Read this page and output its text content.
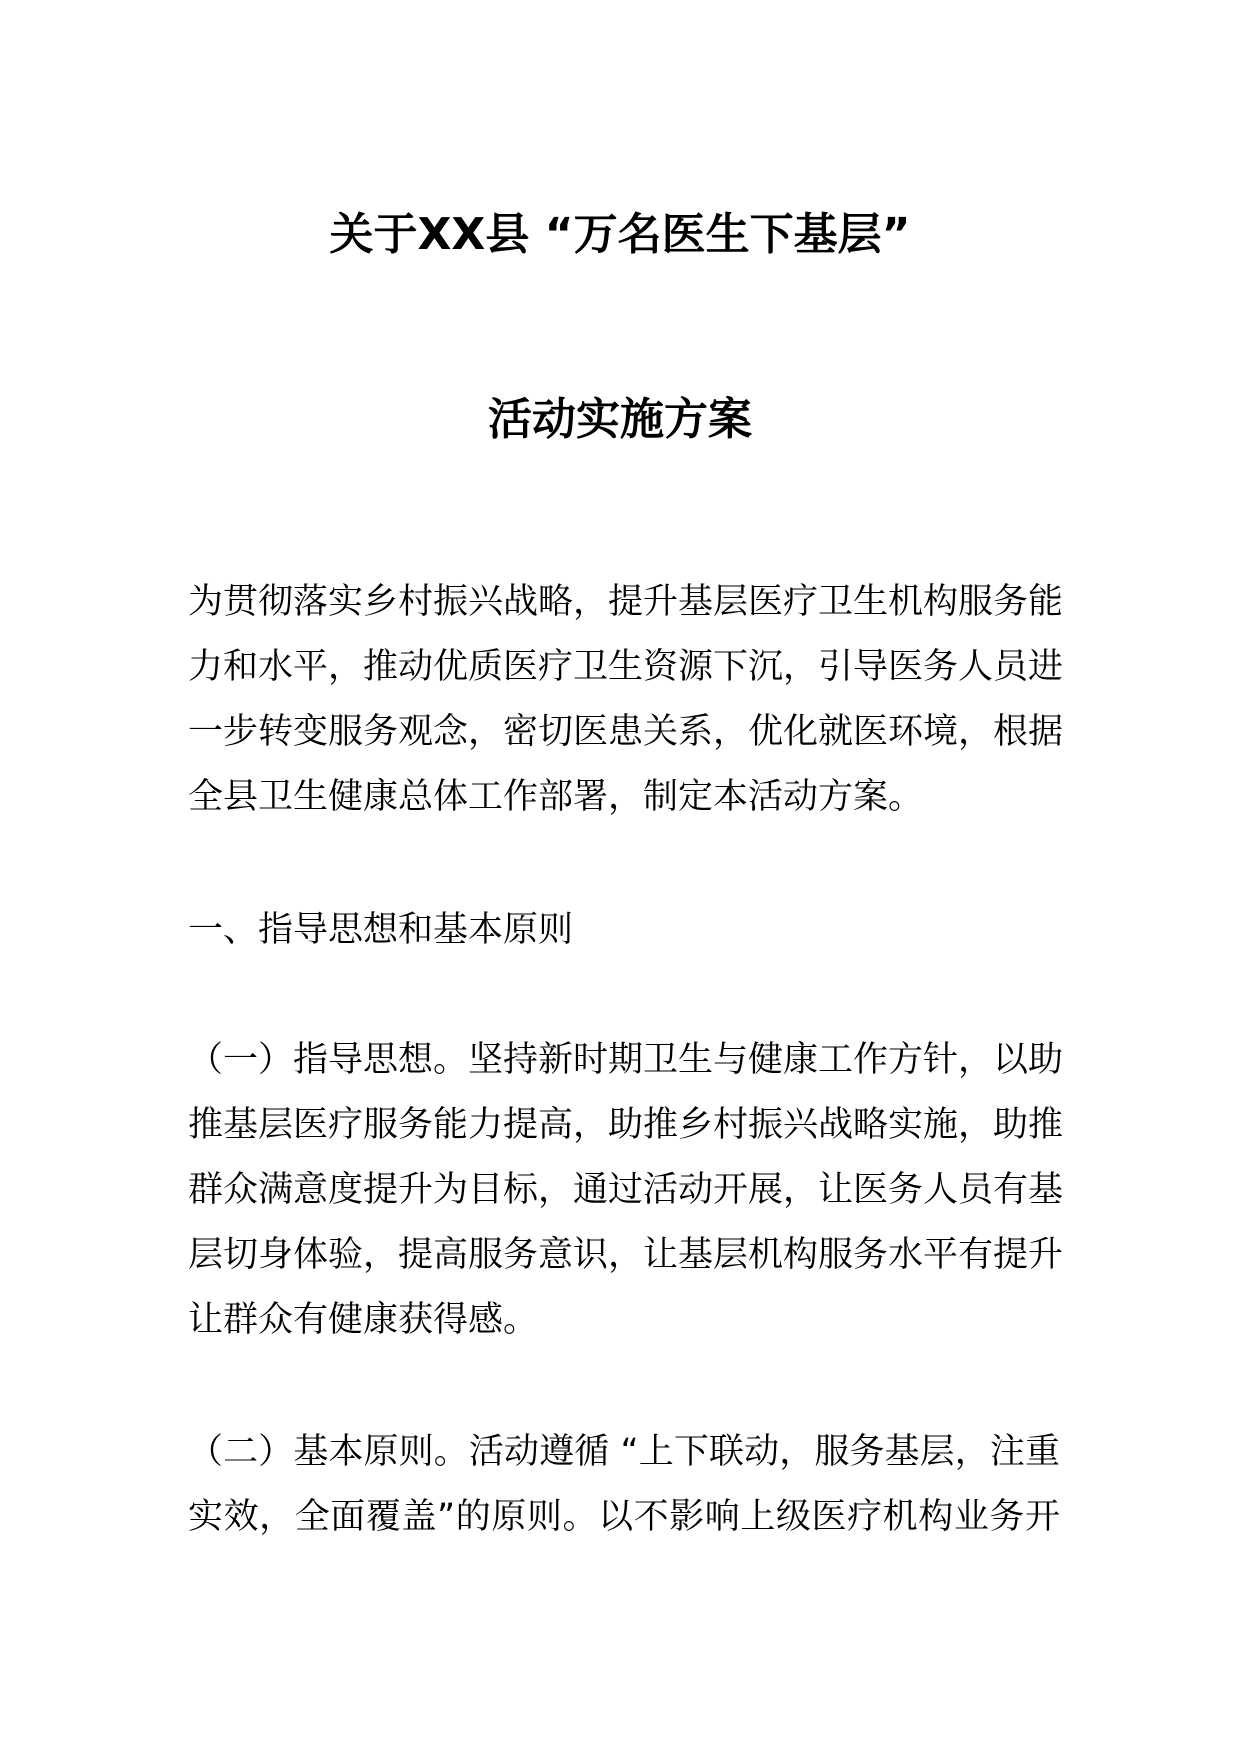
关于XX县 “万名医生下基层”
活动实施方案
为贯彻落实乡村振兴战略，提升基层医疗卫生机构服务能
力和水平，推动优质医疗卫生资源下沉，引导医务人员进
一步转变服务观念，密切医患关系，优化就医环境，根据
全县卫生健康总体工作部署，制定本活动方案。
一、指导思想和基本原则
（一）指导思想。坚持新时期卫生与健康工作方针，以助
推基层医疗服务能力提高，助推乡村振兴战略实施，助推
群众满意度提升为目标，通过活动开展，让医务人员有基
层切身体验，提高服务意识，让基层机构服务水平有提升
让群众有健康获得感。
（二）基本原则。活动遵循 “上下联动，服务基层，注重
实效，全面覆盖”的原则。以不影响上级医疗机构业务开
